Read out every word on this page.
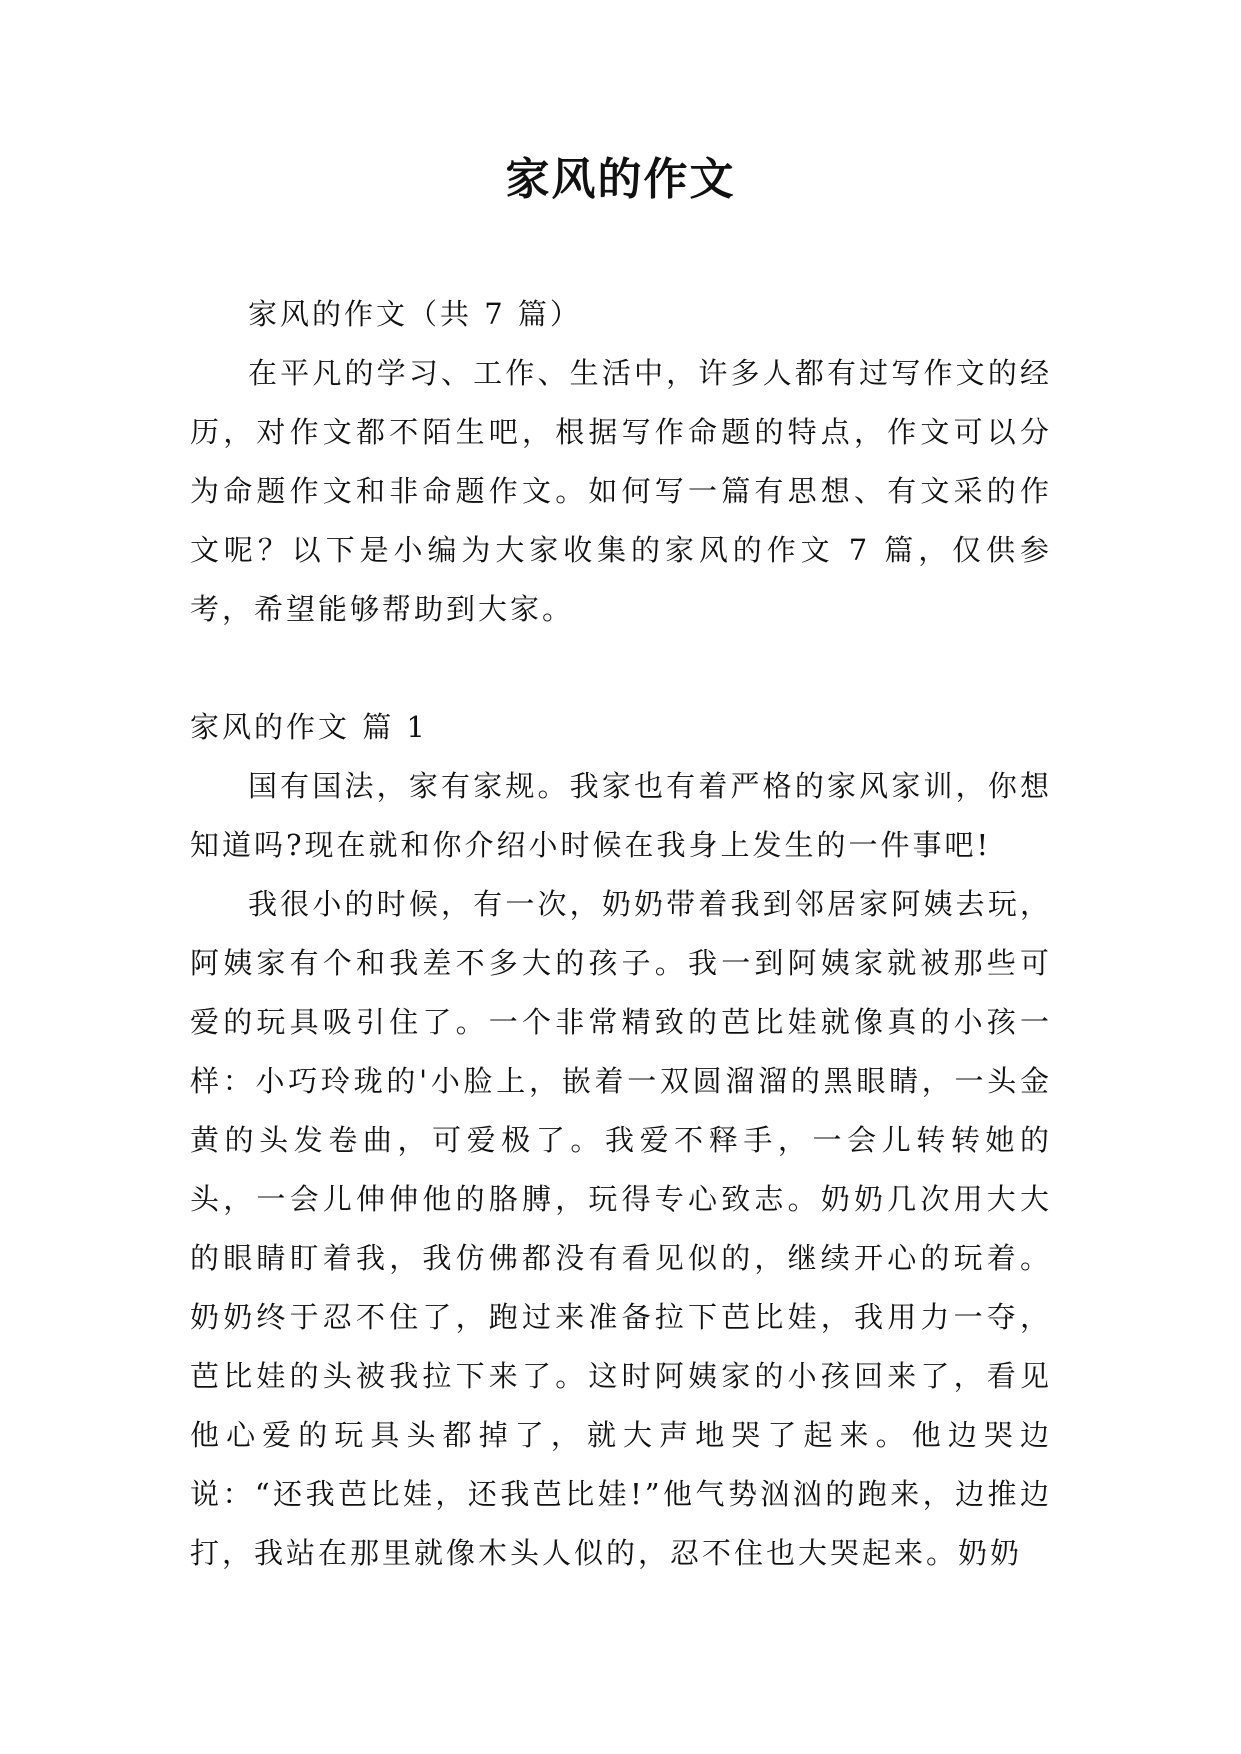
家风的作文

家风的作文（共 7 篇）

在平凡的学习、工作、生活中，许多人都有过写作文的经历，对作文都不陌生吧，根据写作命题的特点，作文可以分为命题作文和非命题作文。如何写一篇有思想、有文采的作文呢？以下是小编为大家收集的家风的作文 7 篇，仅供参考，希望能够帮助到大家。

家风的作文 篇 1

国有国法，家有家规。我家也有着严格的家风家训，你想知道吗?现在就和你介绍小时候在我身上发生的一件事吧!

我很小的时候，有一次，奶奶带着我到邻居家阿姨去玩，阿姨家有个和我差不多大的孩子。我一到阿姨家就被那些可爱的玩具吸引住了。一个非常精致的芭比娃就像真的小孩一样：小巧玲珑的'小脸上，嵌着一双圆溜溜的黑眼睛，一头金黄的头发卷曲，可爱极了。我爱不释手，一会儿转转她的头，一会儿伸伸他的胳膊，玩得专心致志。奶奶几次用大大的眼睛盯着我，我仿佛都没有看见似的，继续开心的玩着。奶奶终于忍不住了，跑过来准备拉下芭比娃，我用力一夺，芭比娃的头被我拉下来了。这时阿姨家的小孩回来了，看见他心爱的玩具头都掉了，就大声地哭了起来。他边哭边说：“还我芭比娃，还我芭比娃!”他气势汹汹的跑来，边推边打，我站在那里就像木头人似的，忍不住也大哭起来。奶奶
